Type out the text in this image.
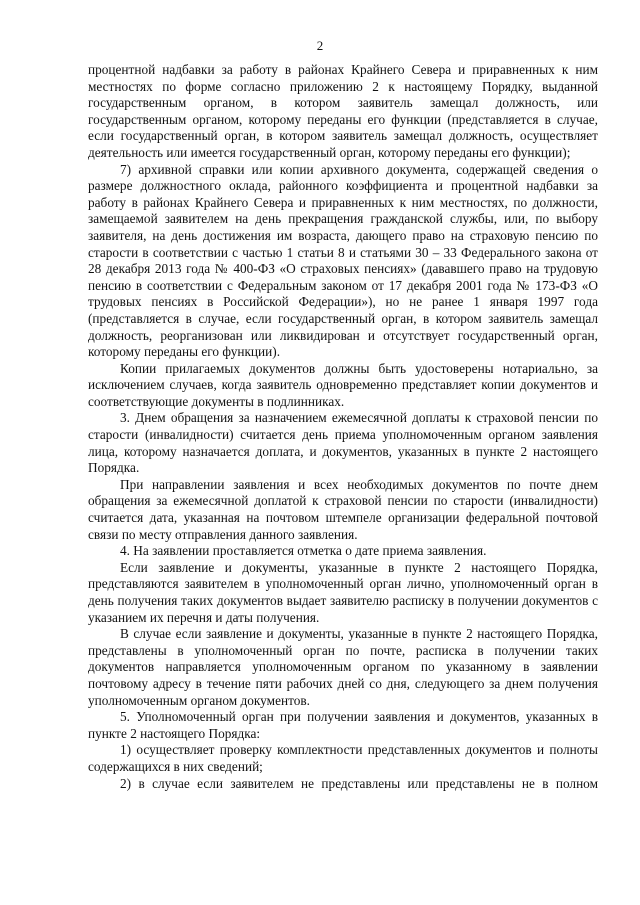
2

процентной надбавки за работу в районах Крайнего Севера и приравненных к ним местностях по форме согласно приложению 2 к настоящему Порядку, выданной государственным органом, в котором заявитель замещал должность, или государственным органом, которому переданы его функции (представляется в случае, если государственный орган, в котором заявитель замещал должность, осуществляет деятельность или имеется государственный орган, которому переданы его функции);

7) архивной справки или копии архивного документа, содержащей сведения о размере должностного оклада, районного коэффициента и процентной надбавки за работу в районах Крайнего Севера и приравненных к ним местностях, по должности, замещаемой заявителем на день прекращения гражданской службы, или, по выбору заявителя, на день достижения им возраста, дающего право на страховую пенсию по старости в соответствии с частью 1 статьи 8 и статьями 30 – 33 Федерального закона от 28 декабря 2013 года № 400-ФЗ «О страховых пенсиях» (дававшего право на трудовую пенсию в соответствии с Федеральным законом от 17 декабря 2001 года № 173-ФЗ «О трудовых пенсиях в Российской Федерации»), но не ранее 1 января 1997 года (представляется в случае, если государственный орган, в котором заявитель замещал должность, реорганизован или ликвидирован и отсутствует государственный орган, которому переданы его функции).

Копии прилагаемых документов должны быть удостоверены нотариально, за исключением случаев, когда заявитель одновременно представляет копии документов и соответствующие документы в подлинниках.

3. Днем обращения за назначением ежемесячной доплаты к страховой пенсии по старости (инвалидности) считается день приема уполномоченным органом заявления лица, которому назначается доплата, и документов, указанных в пункте 2 настоящего Порядка.

При направлении заявления и всех необходимых документов по почте днем обращения за ежемесячной доплатой к страховой пенсии по старости (инвалидности) считается дата, указанная на почтовом штемпеле организации федеральной почтовой связи по месту отправления данного заявления.

4. На заявлении проставляется отметка о дате приема заявления.

Если заявление и документы, указанные в пункте 2 настоящего Порядка, представляются заявителем в уполномоченный орган лично, уполномоченный орган в день получения таких документов выдает заявителю расписку в получении документов с указанием их перечня и даты получения.

В случае если заявление и документы, указанные в пункте 2 настоящего Порядка, представлены в уполномоченный орган по почте, расписка в получении таких документов направляется уполномоченным органом по указанному в заявлении почтовому адресу в течение пяти рабочих дней со дня, следующего за днем получения уполномоченным органом документов.

5. Уполномоченный орган при получении заявления и документов, указанных в пункте 2 настоящего Порядка:

1) осуществляет проверку комплектности представленных документов и полноты содержащихся в них сведений;

2) в случае если заявителем не представлены или представлены не в полном
